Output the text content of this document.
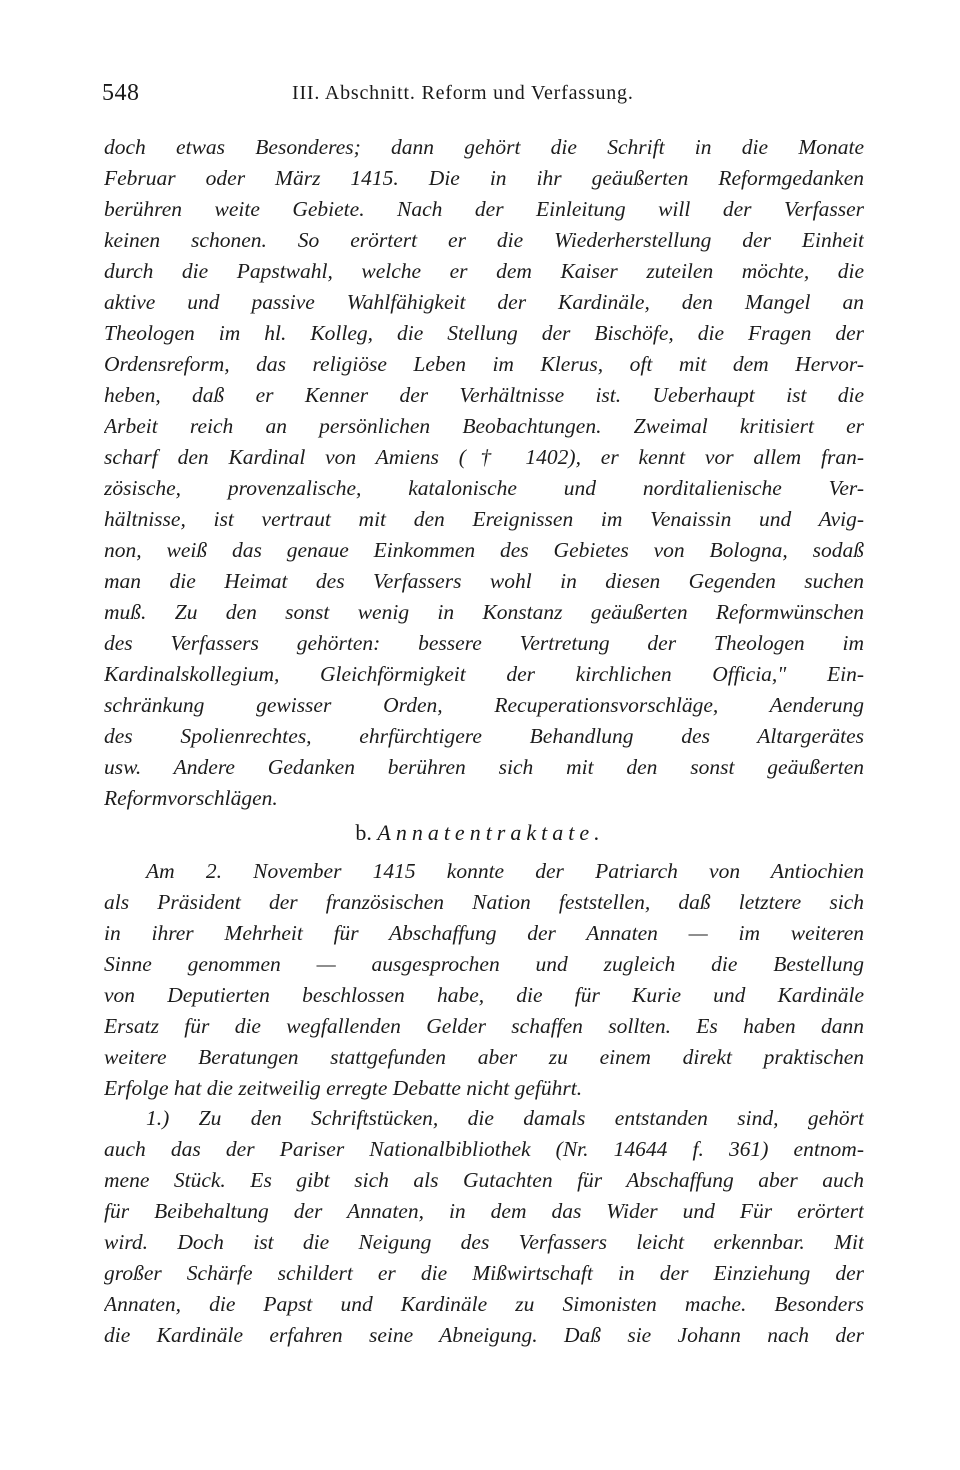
548	III. Abschnitt. Reform und Verfassung.
doch etwas Besonderes; dann gehört die Schrift in die Monate
Februar oder März 1415. Die in ihr geäußerten Reformgedanken
berühren weite Gebiete. Nach der Einleitung will der Verfasser
keinen schonen. So erörtert er die Wiederherstellung der Einheit
durch die Papstwahl, welche er dem Kaiser zuteilen möchte, die
aktive und passive Wahlfähigkeit der Kardinäle, den Mangel an
Theologen im hl. Kolleg, die Stellung der Bischöfe, die Fragen der
Ordensreform, das religiöse Leben im Klerus, oft mit dem Hervor-
heben, daß er Kenner der Verhältnisse ist. Ueberhaupt ist die
Arbeit reich an persönlichen Beobachtungen. Zweimal kritisiert er
scharf den Kardinal von Amiens († 1402), er kennt vor allem fran-
zösische, provenzalische, katalonische und norditalienische Ver-
hältnisse, ist vertraut mit den Ereignissen im Venaissin und Avig-
non, weiß das genaue Einkommen des Gebietes von Bologna, sodaß
man die Heimat des Verfassers wohl in diesen Gegenden suchen
muß. Zu den sonst wenig in Konstanz geäußerten Reformwünschen
des Verfassers gehörten: bessere Vertretung der Theologen im
Kardinalskollegium, Gleichförmigkeit der kirchlichen Officia," Ein-
schränkung gewisser Orden, Recuperationsvorschläge, Aenderung
des Spolienrechtes, ehrfürchtigere Behandlung des Altargerätes
usw. Andere Gedanken berühren sich mit den sonst geäußerten
Reformvorschlägen.
b. Annatentraktate.
Am 2. November 1415 konnte der Patriarch von Antiochien
als Präsident der französischen Nation feststellen, daß letztere sich
in ihrer Mehrheit für Abschaffung der Annaten — im weiteren
Sinne genommen — ausgesprochen und zugleich die Bestellung
von Deputierten beschlossen habe, die für Kurie und Kardinäle
Ersatz für die wegfallenden Gelder schaffen sollten. Es haben dann
weitere Beratungen stattgefunden aber zu einem direkt praktischen
Erfolge hat die zeitweilig erregte Debatte nicht geführt.
1.) Zu den Schriftstücken, die damals entstanden sind, gehört
auch das der Pariser Nationalbibliothek (Nr. 14644 f. 361) entnom-
mene Stück. Es gibt sich als Gutachten für Abschaffung aber auch
für Beibehaltung der Annaten, in dem das Wider und Für erörtert
wird. Doch ist die Neigung des Verfassers leicht erkennbar. Mit
großer Schärfe schildert er die Mißwirtschaft in der Einziehung der
Annaten, die Papst und Kardinäle zu Simonisten mache. Besonders
die Kardinäle erfahren seine Abneigung. Daß sie Johann nach der
